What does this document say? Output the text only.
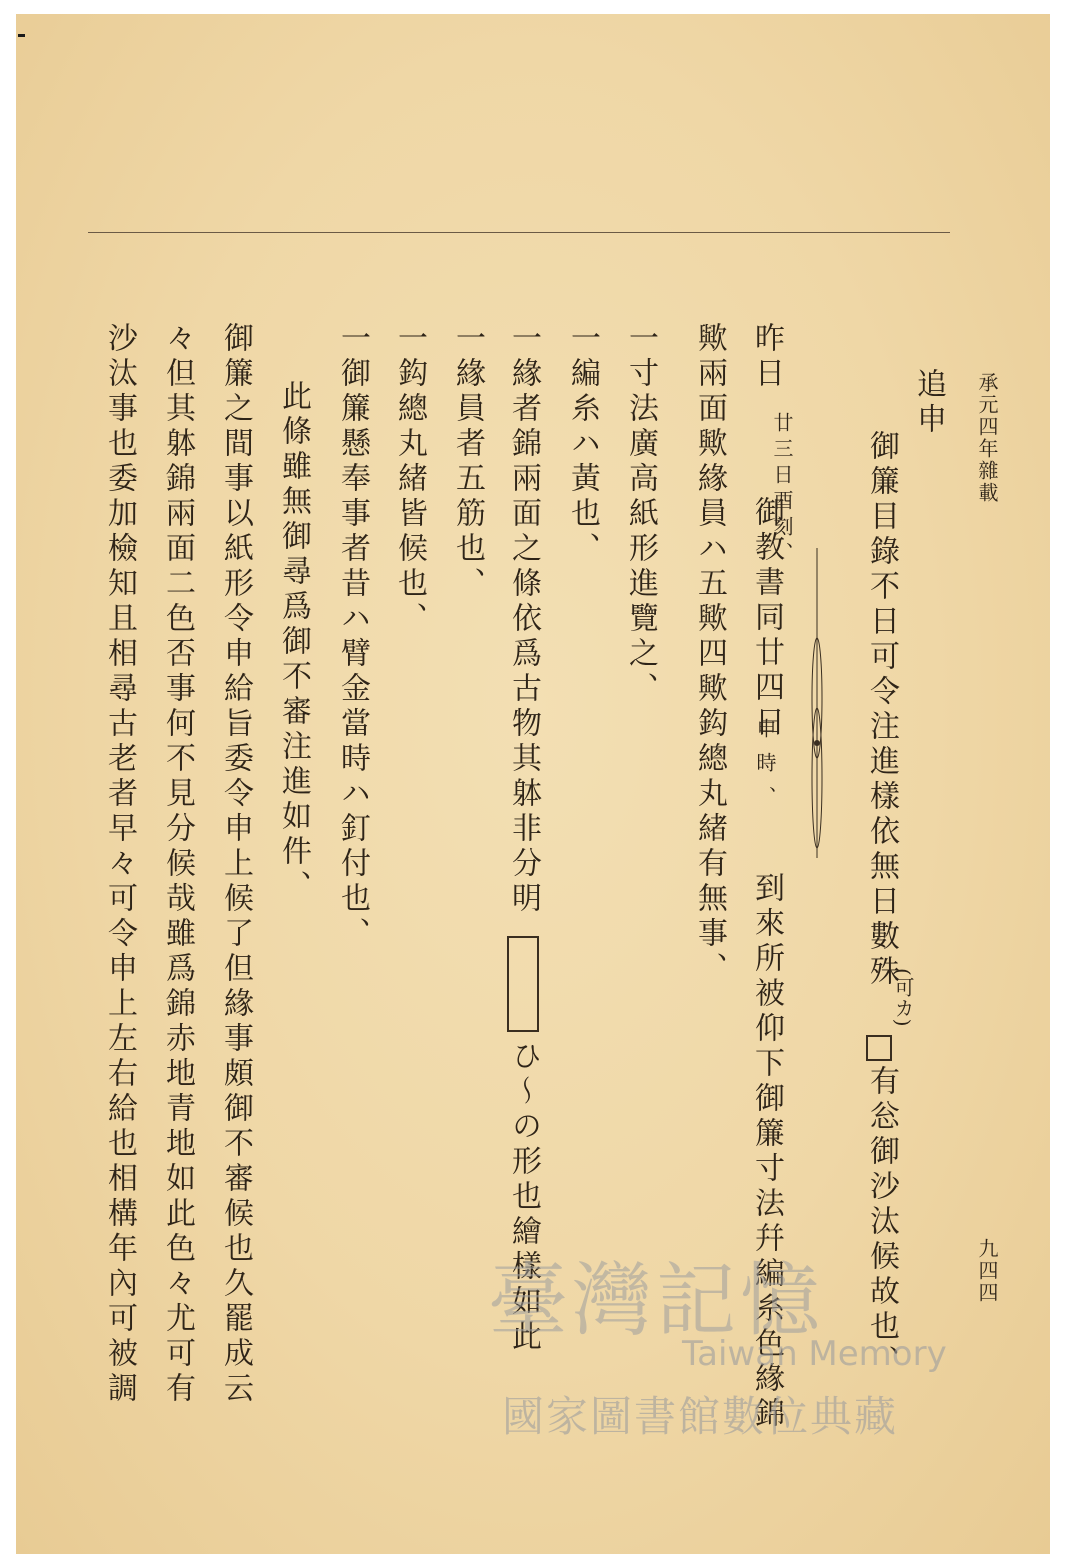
承元四年雜載
九四四
追申
御簾目錄不日可令注進樣依無日數殊
(可カ)
有忩御沙汰候故也、
昨日
廿三日酉刻、
御教書同廿四日
申時、
到來所被仰下御簾寸法幷編糸色緣錦
歟兩面歟緣員ハ五歟四歟鈎總丸緒有無事、
一寸法廣高紙形進覽之、
一編糸ハ黃也、
一緣者錦兩面之條依爲古物其躰非分明
ひ〜の形也繪樣如此
一緣員者五筋也、
一鈎總丸緒皆候也、
一御簾懸奉事者昔ハ臂金當時ハ釘付也、
此條雖無御尋爲御不審注進如件、
御簾之間事以紙形令申給旨委令申上候了但緣事頗御不審候也久罷成云
々但其躰錦兩面二色否事何不見分候哉雖爲錦赤地青地如此色々尤可有
沙汰事也委加檢知且相尋古老者早々可令申上左右給也相構年內可被調	臺灣記憶
Taiwan Memory
國家圖書館數位典藏
